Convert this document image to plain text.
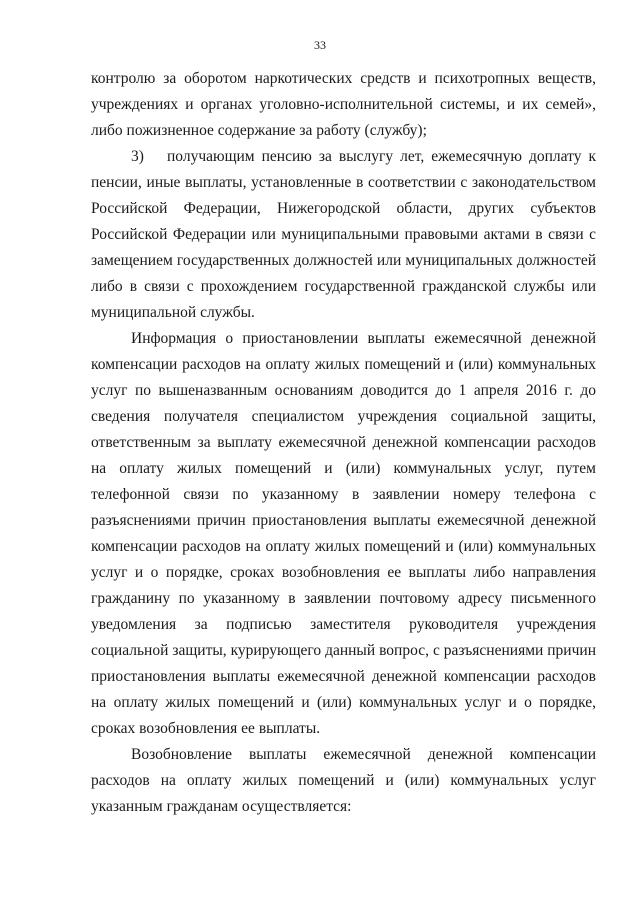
33

контролю за оборотом наркотических средств и психотропных веществ, учреждениях и органах уголовно-исполнительной системы, и их семей», либо пожизненное содержание за работу (службу);

3) получающим пенсию за выслугу лет, ежемесячную доплату к пенсии, иные выплаты, установленные в соответствии с законодательством Российской Федерации, Нижегородской области, других субъектов Российской Федерации или муниципальными правовыми актами в связи с замещением государственных должностей или муниципальных должностей либо в связи с прохождением государственной гражданской службы или муниципальной службы.

Информация о приостановлении выплаты ежемесячной денежной компенсации расходов на оплату жилых помещений и (или) коммунальных услуг по вышеназванным основаниям доводится до 1 апреля 2016 г. до сведения получателя специалистом учреждения социальной защиты, ответственным за выплату ежемесячной денежной компенсации расходов на оплату жилых помещений и (или) коммунальных услуг, путем телефонной связи по указанному в заявлении номеру телефона с разъяснениями причин приостановления выплаты ежемесячной денежной компенсации расходов на оплату жилых помещений и (или) коммунальных услуг и о порядке, сроках возобновления ее выплаты либо направления гражданину по указанному в заявлении почтовому адресу письменного уведомления за подписью заместителя руководителя учреждения социальной защиты, курирующего данный вопрос, с разъяснениями причин приостановления выплаты ежемесячной денежной компенсации расходов на оплату жилых помещений и (или) коммунальных услуг и о порядке, сроках возобновления ее выплаты.

Возобновление выплаты ежемесячной денежной компенсации расходов на оплату жилых помещений и (или) коммунальных услуг указанным гражданам осуществляется:
